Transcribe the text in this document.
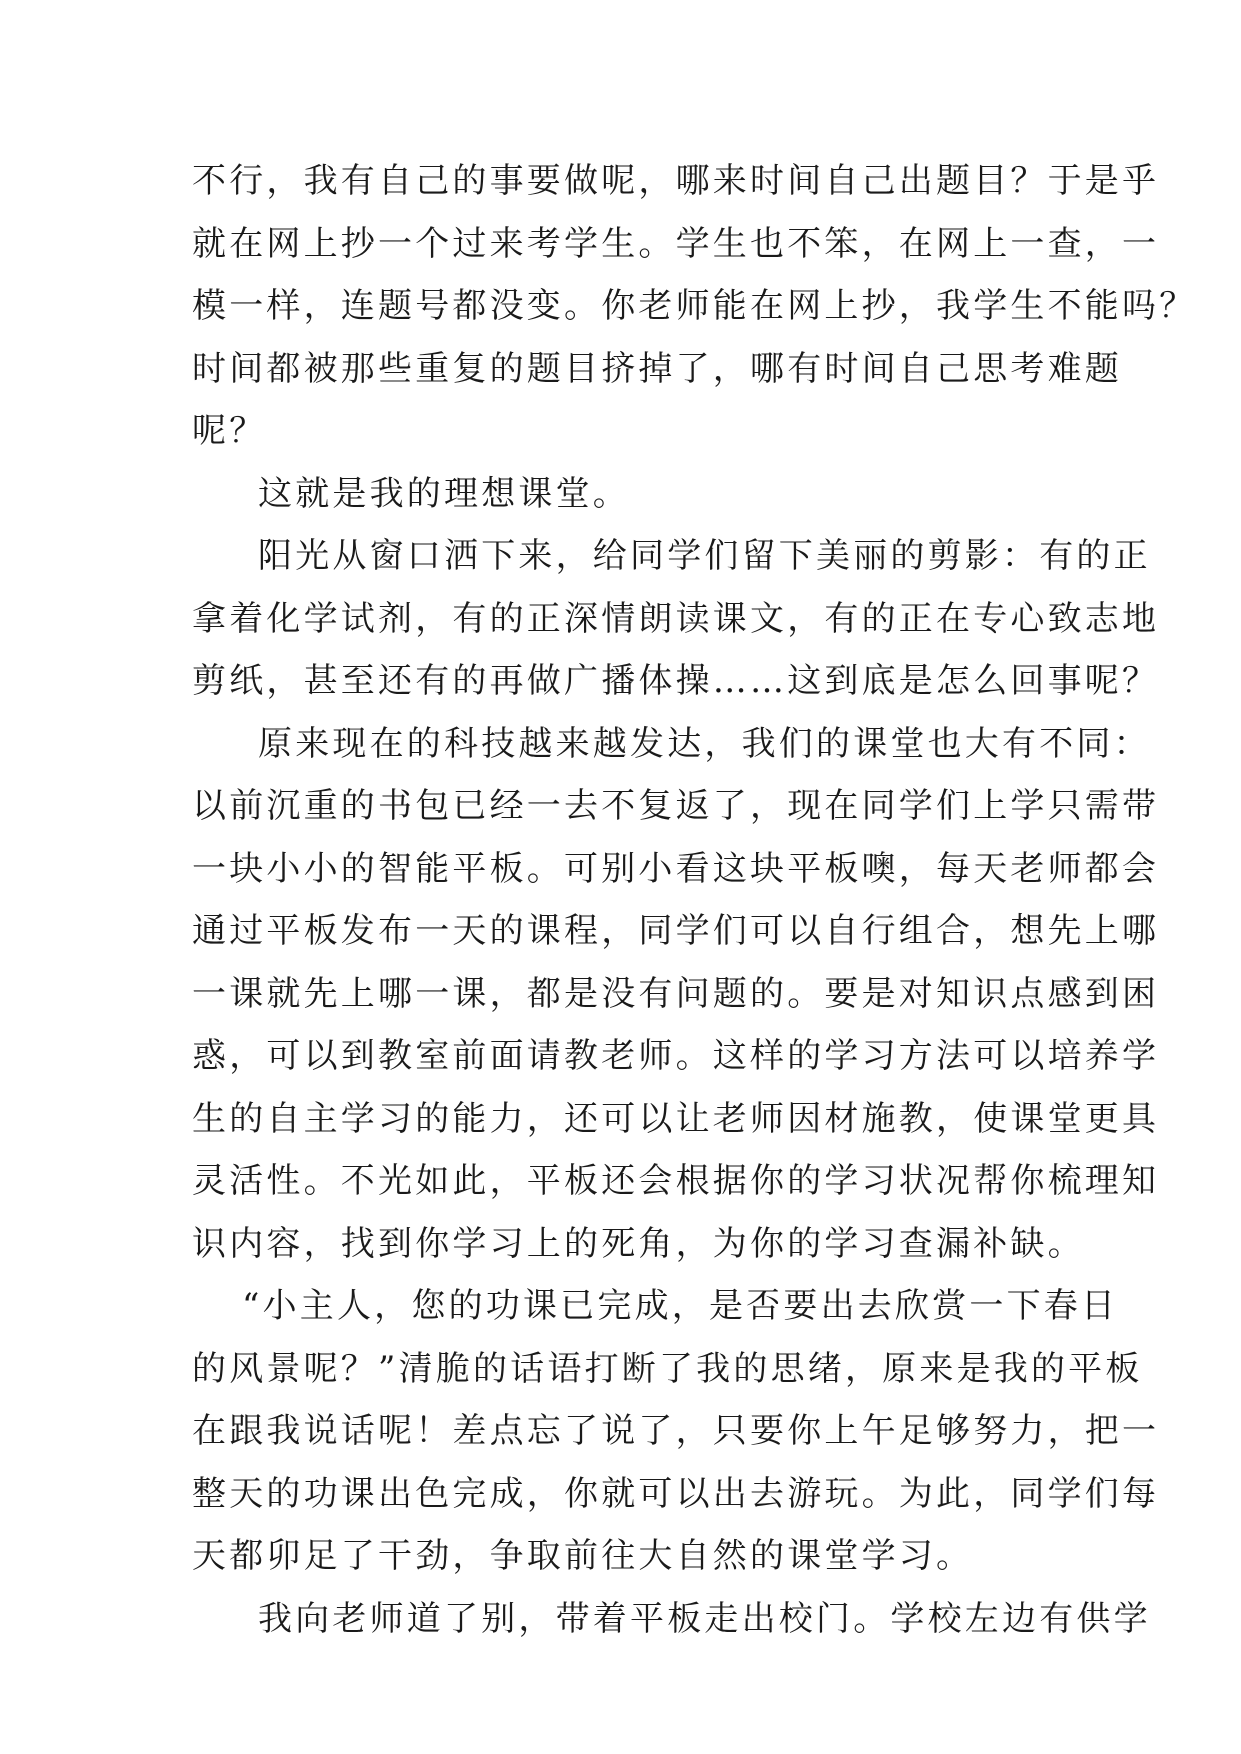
不行，我有自己的事要做呢，哪来时间自己出题目？于是乎
就在网上抄一个过来考学生。学生也不笨，在网上一查，一
模一样，连题号都没变。你老师能在网上抄，我学生不能吗？
时间都被那些重复的题目挤掉了，哪有时间自己思考难题
呢？
这就是我的理想课堂。
阳光从窗口洒下来，给同学们留下美丽的剪影：有的正
拿着化学试剂，有的正深情朗读课文，有的正在专心致志地
剪纸，甚至还有的再做广播体操……这到底是怎么回事呢？
原来现在的科技越来越发达，我们的课堂也大有不同：
以前沉重的书包已经一去不复返了，现在同学们上学只需带
一块小小的智能平板。可别小看这块平板噢，每天老师都会
通过平板发布一天的课程，同学们可以自行组合，想先上哪
一课就先上哪一课，都是没有问题的。要是对知识点感到困
惑，可以到教室前面请教老师。这样的学习方法可以培养学
生的自主学习的能力，还可以让老师因材施教，使课堂更具
灵活性。不光如此，平板还会根据你的学习状况帮你梳理知
识内容，找到你学习上的死角，为你的学习查漏补缺。
“小主人，您的功课已完成，是否要出去欣赏一下春日
的风景呢？”清脆的话语打断了我的思绪，原来是我的平板
在跟我说话呢！差点忘了说了，只要你上午足够努力，把一
整天的功课出色完成，你就可以出去游玩。为此，同学们每
天都卯足了干劲，争取前往大自然的课堂学习。
我向老师道了别，带着平板走出校门。学校左边有供学
